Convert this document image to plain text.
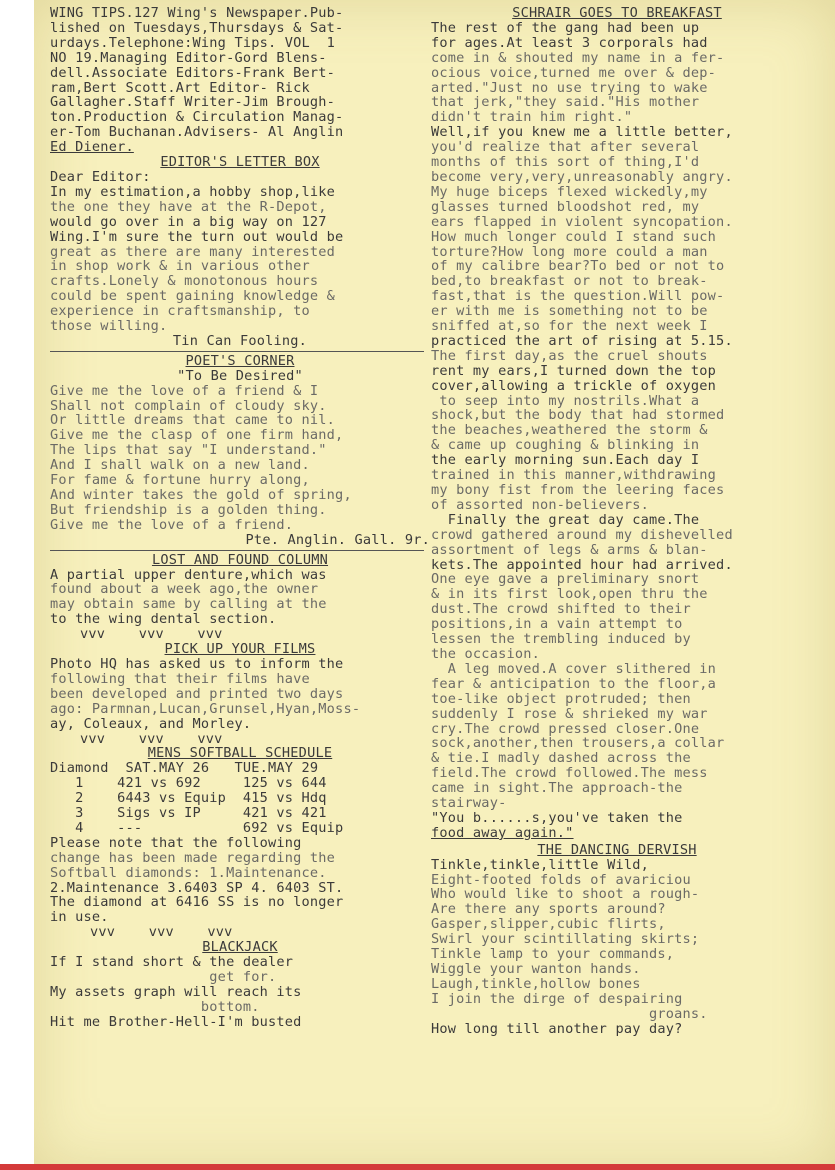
WING TIPS.127 Wing's Newspaper.Pub-

lished on Tuesdays,Thursdays & Sat-

urdays.Telephone:Wing Tips. VOL  1

NO 19.Managing Editor-Gord Blens-

dell.Associate Editors-Frank Bert-

ram,Bert Scott.Art Editor- Rick

Gallagher.Staff Writer-Jim Brough-

ton.Production & Circulation Manag-

er-Tom Buchanan.Advisers- Al Anglin

Ed Diener.

EDITOR'S LETTER BOX

Dear Editor:

In my estimation,a hobby shop,like

the one they have at the R-Depot,

would go over in a big way on 127

Wing.I'm sure the turn out would be

great as there are many interested

in shop work & in various other

crafts.Lonely & monotonous hours

could be spent gaining knowledge &

experience in craftsmanship, to

those willing.

Tin Can Fooling.

POET'S CORNER

"To Be Desired"

Give me the love of a friend & I

Shall not complain of cloudy sky.

Or little dreams that came to nil.

Give me the clasp of one firm hand,

The lips that say "I understand."

And I shall walk on a new land.

For fame & fortune hurry along,

And winter takes the gold of spring,

But friendship is a golden thing.

Give me the love of a friend.

Pte. Anglin. Gall. 9r.

LOST AND FOUND COLUMN

A partial upper denture,which was

found about a week ago,the owner

may obtain same by calling at the

to the wing dental section.

vvv    vvv    vvv

PICK UP YOUR FILMS

Photo HQ has asked us to inform the

following that their films have

been developed and printed two days

ago: Parmnan,Lucan,Grunsel,Hyan,Moss-

ay, Coleaux, and Morley.

vvv    vvv    vvv

MENS SOFTBALL SCHEDULE

Diamond  SAT.MAY 26   TUE.MAY 29

1    421 vs 692     125 vs 644

2    6443 vs Equip  415 vs Hdq

3    Sigs vs IP     421 vs 421

4    ---            692 vs Equip

Please note that the following

change has been made regarding the

Softball diamonds: 1.Maintenance.

2.Maintenance 3.6403 SP 4. 6403 ST.

The diamond at 6416 SS is no longer

in use.

vvv    vvv    vvv

BLACKJACK

If I stand short & the dealer

get for.

My assets graph will reach its

bottom.

Hit me Brother-Hell-I'm busted

SCHRAIR GOES TO BREAKFAST

The rest of the gang had been up

for ages.At least 3 corporals had

come in & shouted my name in a fer-

ocious voice,turned me over & dep-

arted."Just no use trying to wake

that jerk,"they said."His mother

didn't train him right."

Well,if you knew me a little better,

you'd realize that after several

months of this sort of thing,I'd

become very,very,unreasonably angry.

My huge biceps flexed wickedly,my

glasses turned bloodshot red, my

ears flapped in violent syncopation.

How much longer could I stand such

torture?How long more could a man

of my calibre bear?To bed or not to

bed,to breakfast or not to break-

fast,that is the question.Will pow-

er with me is something not to be

sniffed at,so for the next week I

practiced the art of rising at 5.15.

The first day,as the cruel shouts

rent my ears,I turned down the top

cover,allowing a trickle of oxygen

to seep into my nostrils.What a

shock,but the body that had stormed

the beaches,weathered the storm &

& came up coughing & blinking in

the early morning sun.Each day I

trained in this manner,withdrawing

my bony fist from the leering faces

of assorted non-believers.

Finally the great day came.The

crowd gathered around my dishevelled

assortment of legs & arms & blan-

kets.The appointed hour had arrived.

One eye gave a preliminary snort

& in its first look,open thru the

dust.The crowd shifted to their

positions,in a vain attempt to

lessen the trembling induced by

the occasion.

A leg moved.A cover slithered in

fear & anticipation to the floor,a

toe-like object protruded; then

suddenly I rose & shrieked my war

cry.The crowd pressed closer.One

sock,another,then trousers,a collar

& tie.I madly dashed across the

field.The crowd followed.The mess

came in sight.The approach-the

stairway-

"You b......s,you've taken the

food away again."

THE DANCING DERVISH

Tinkle,tinkle,little Wild,

Eight-footed folds of avariciou

Who would like to shoot a rough-

Are there any sports around?

Gasper,slipper,cubic flirts,

Swirl your scintillating skirts;

Tinkle lamp to your commands,

Wiggle your wanton hands.

Laugh,tinkle,hollow bones

I join the dirge of despairing

groans.

How long till another pay day?
